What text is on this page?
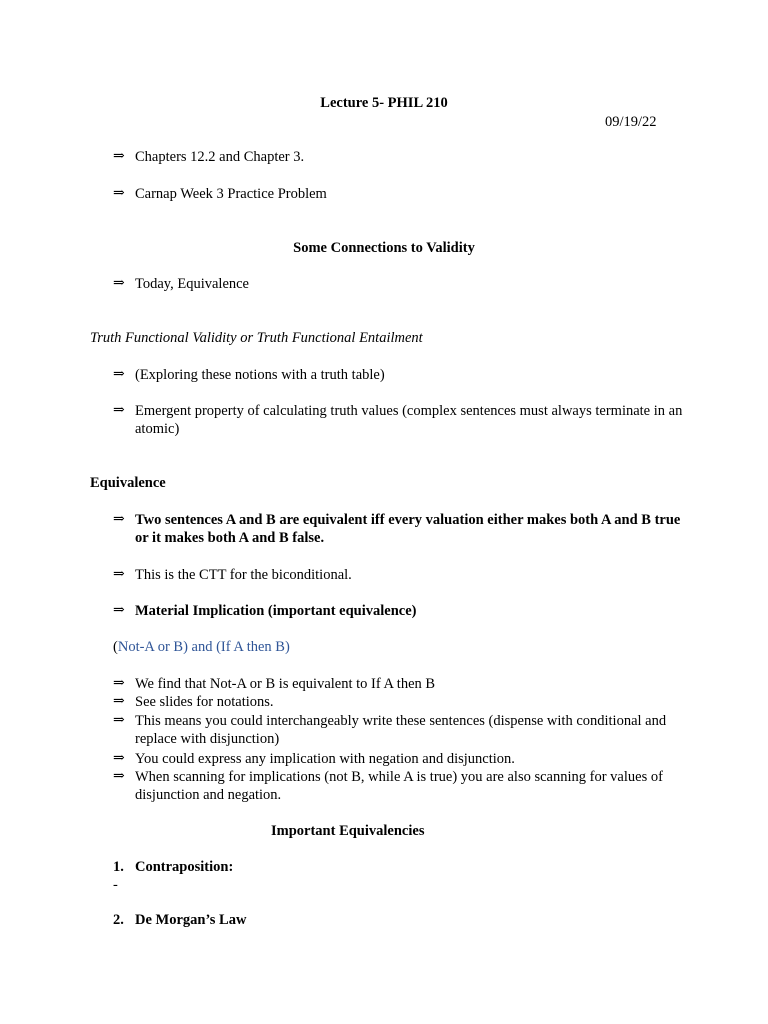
Lecture 5- PHIL 210
09/19/22
⇒ Chapters 12.2 and Chapter 3.
⇒ Carnap Week 3 Practice Problem
Some Connections to Validity
⇒ Today, Equivalence
Truth Functional Validity or Truth Functional Entailment
⇒ (Exploring these notions with a truth table)
⇒ Emergent property of calculating truth values (complex sentences must always terminate in an atomic)
Equivalence
⇒ Two sentences A and B are equivalent iff every valuation either makes both A and B true or it makes both A and B false.
⇒ This is the CTT for the biconditional.
⇒ Material Implication (important equivalence)
(Not-A or B) and (If A then B)
⇒ We find that Not-A or B is equivalent to If A then B
⇒ See slides for notations.
⇒ This means you could interchangeably write these sentences (dispense with conditional and replace with disjunction)
⇒ You could express any implication with negation and disjunction.
⇒ When scanning for implications (not B, while A is true) you are also scanning for values of disjunction and negation.
Important Equivalencies
1. Contraposition:
-
2. De Morgan’s Law
